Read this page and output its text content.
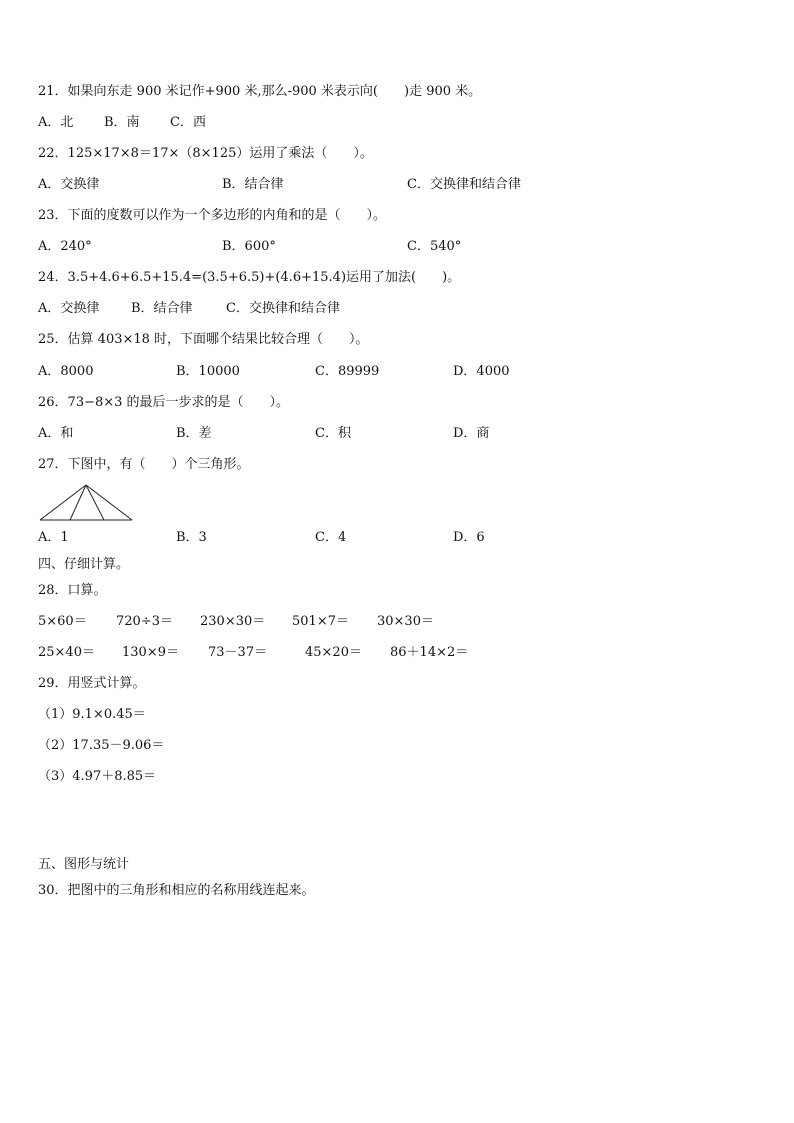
21．如果向东走 900 米记作+900 米,那么-900 米表示向(　　)走 900 米。
A．北 B．南 C．西
22．125×17×8＝17×（8×125）运用了乘法（　　）。
A．交换律	B．结合律	C．交换律和结合律
23．下面的度数可以作为一个多边形的内角和的是（　　）。
A．240°	B．600°	C．540°
24．3.5+4.6+6.5+15.4=(3.5+6.5)+(4.6+15.4)运用了加法(　　)。
A．交换律 B．结合律	C．交换律和结合律
25．估算 403×18 时，下面哪个结果比较合理（　　）。
A．8000	B．10000	C．89999	D．4000
26．73−8×3 的最后一步求的是（　　）。
A．和	B．差	C．积	D．商
27．下图中，有（　　）个三角形。
A．1	B．3	C．4	D．6
四、仔细计算。
28．口算。
5×60＝ 720÷3＝ 230×30＝ 501×7＝ 30×30＝
25×40＝ 130×9＝ 73－37＝	45×20＝ 86＋14×2＝
29．用竖式计算。
（1）9.1×0.45＝
（2）17.35－9.06＝
（3）4.97＋8.85＝
五、图形与统计
30．把图中的三角形和相应的名称用线连起来。
